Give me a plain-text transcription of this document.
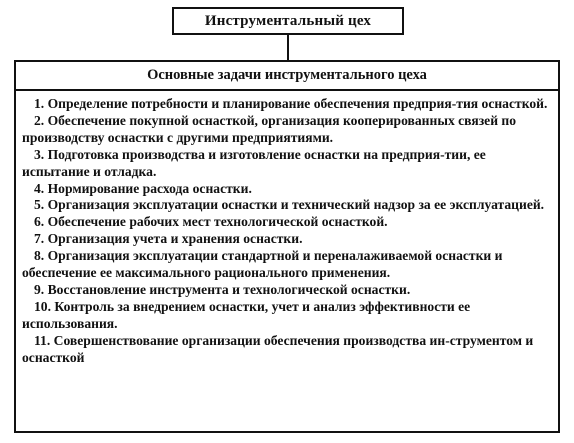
Инструментальный цех
Основные задачи инструментального цеха
1. Определение потребности и планирование обеспечения предприя-тия оснасткой.
2. Обеспечение покупной оснасткой, организация кооперированных связей по производству оснастки с другими предприятиями.
3. Подготовка производства и изготовление оснастки на предприя-тии, ее испытание и отладка.
4. Нормирование расхода оснастки.
5. Организация эксплуатации оснастки и технический надзор за ее эксплуатацией.
6. Обеспечение рабочих мест технологической оснасткой.
7. Организация учета и хранения оснастки.
8. Организация эксплуатации стандартной и переналаживаемой оснастки и обеспечение ее максимального рационального применения.
9. Восстановление инструмента и технологической оснастки.
10. Контроль за внедрением оснастки, учет и анализ эффективности ее использования.
11. Совершенствование организации обеспечения производства ин-струментом и оснасткой
